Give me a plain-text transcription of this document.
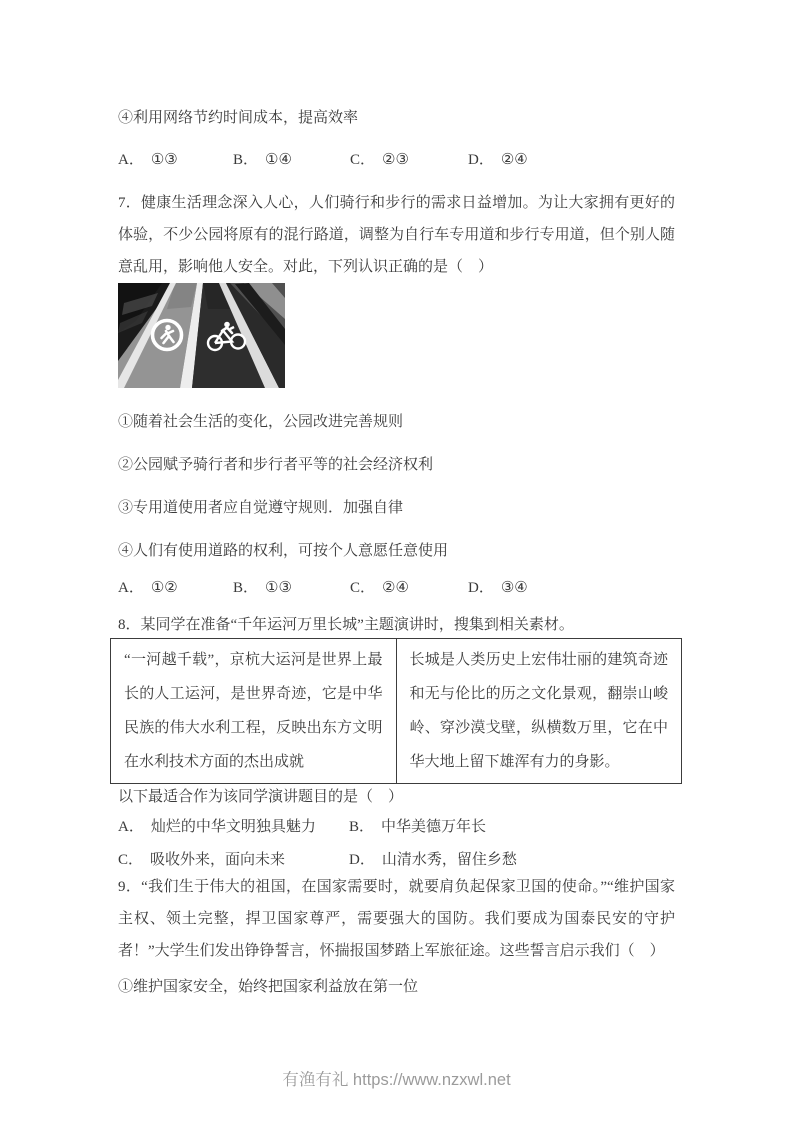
④利用网络节约时间成本，提高效率

A． ①③	B． ①④	C． ②③	D． ②④

7．健康生活理念深入人心，人们骑行和步行的需求日益增加。为让大家拥有更好的体验，不少公园将原有的混行路道，调整为自行车专用道和步行专用道，但个别人随意乱用，影响他人安全。对此，下列认识正确的是（　）

①随着社会生活的变化，公园改进完善规则

②公园赋予骑行者和步行者平等的社会经济权利

③专用道使用者应自觉遵守规则．加强自律

④人们有使用道路的权利，可按个人意愿任意使用

A． ①②	B． ①③	C． ②④	D． ③④

8．某同学在准备“千年运河万里长城”主题演讲时，搜集到相关素材。

“一河越千载”，京杭大运河是世界上最长的人工运河，是世界奇迹，它是中华民族的伟大水利工程，反映出东方文明在水利技术方面的杰出成就	长城是人类历史上宏伟壮丽的建筑奇迹和无与伦比的历之文化景观，翻崇山峻岭、穿沙漠戈壁，纵横数万里，它在中华大地上留下雄浑有力的身影。

以下最适合作为该同学演讲题目的是（　）

A． 灿烂的中华文明独具魅力	B． 中华美德万年长
C． 吸收外来，面向未来	D． 山清水秀，留住乡愁

9．“我们生于伟大的祖国，在国家需要时，就要肩负起保家卫国的使命。”“维护国家主权、领土完整，捍卫国家尊严，需要强大的国防。我们要成为国泰民安的守护者！”大学生们发出铮铮誓言，怀揣报国梦踏上军旅征途。这些誓言启示我们（　）

①维护国家安全，始终把国家利益放在第一位

有渔有礼 https://www.nzxwl.net
